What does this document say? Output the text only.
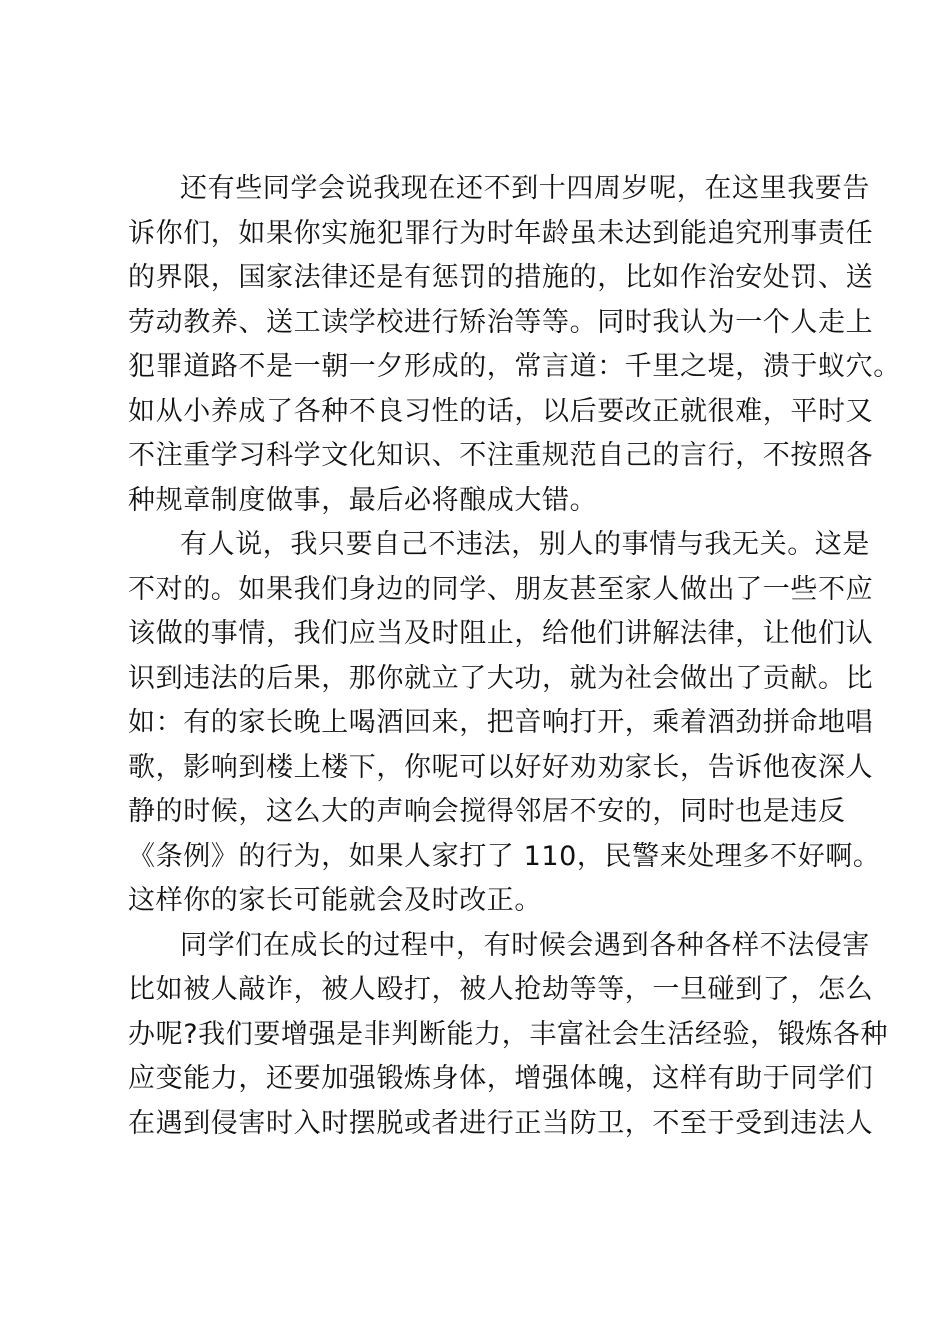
还有些同学会说我现在还不到十四周岁呢，在这里我要告
诉你们，如果你实施犯罪行为时年龄虽未达到能追究刑事责任
的界限，国家法律还是有惩罚的措施的，比如作治安处罚、送
劳动教养、送工读学校进行矫治等等。同时我认为一个人走上
犯罪道路不是一朝一夕形成的，常言道：千里之堤，溃于蚁穴。
如从小养成了各种不良习性的话，以后要改正就很难，平时又
不注重学习科学文化知识、不注重规范自己的言行，不按照各
种规章制度做事，最后必将酿成大错。
有人说，我只要自己不违法，别人的事情与我无关。这是
不对的。如果我们身边的同学、朋友甚至家人做出了一些不应
该做的事情，我们应当及时阻止，给他们讲解法律，让他们认
识到违法的后果，那你就立了大功，就为社会做出了贡献。比
如：有的家长晚上喝酒回来，把音响打开，乘着酒劲拼命地唱
歌，影响到楼上楼下，你呢可以好好劝劝家长，告诉他夜深人
静的时候，这么大的声响会搅得邻居不安的，同时也是违反
《条例》的行为，如果人家打了 110，民警来处理多不好啊。
这样你的家长可能就会及时改正。
同学们在成长的过程中，有时候会遇到各种各样不法侵害
比如被人敲诈，被人殴打，被人抢劫等等，一旦碰到了，怎么
办呢?我们要增强是非判断能力，丰富社会生活经验，锻炼各种
应变能力，还要加强锻炼身体，增强体魄，这样有助于同学们
在遇到侵害时入时摆脱或者进行正当防卫，不至于受到违法人
